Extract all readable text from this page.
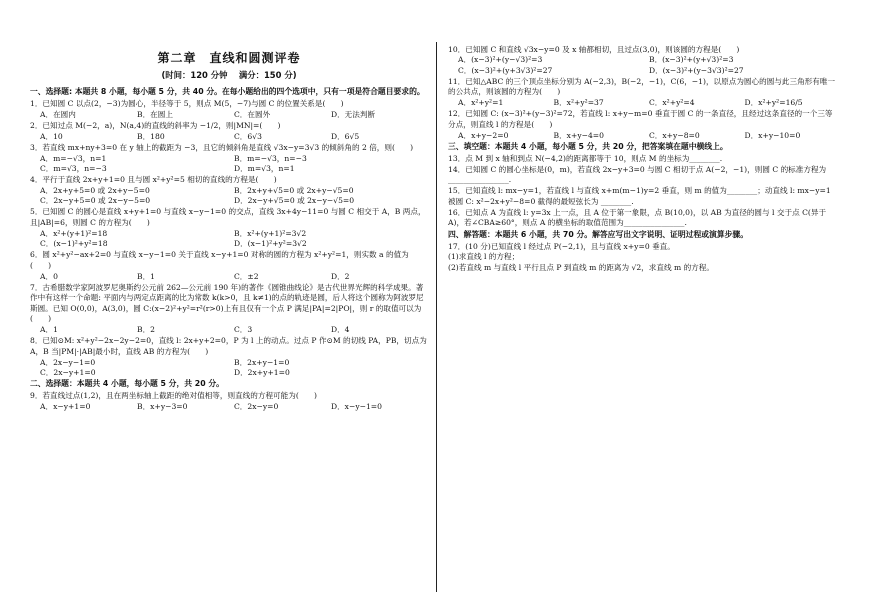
第二章　直线和圆测评卷
(时间：120 分钟　 满分：150 分)

一、选择题: 本题共 8 小题，每小题 5 分，共 40 分。在每小题给出的四个选项中，只有一项是符合题目要求的。

1．已知圆 C 以点(2，−3)为圆心，半径等于 5，则点 M(5，−7)与圆 C 的位置关系是(　　)

A．在圆内	B．在圆上	C．在圆外	D．无法判断

2．已知过点 M(−2，a)，N(a,4)的直线的斜率为 −1/2，则|MN|=(　　)

A．10	B．180	C．6√3	D．6√5

3．若直线 mx+ny+3=0 在 y 轴上的截距为 −3，且它的倾斜角是直线 √3x−y=3√3 的倾斜角的 2 倍，则(　　)

A．m=−√3，n=1	B．m=−√3，n=−3
C．m=√3，n=−3	D．m=√3，n=1

4．平行于直线 2x+y+1=0 且与圆 x²+y²=5 相切的直线的方程是(　　)

A．2x+y+5=0 或 2x+y−5=0	B．2x+y+√5=0 或 2x+y−√5=0
C．2x−y+5=0 或 2x−y−5=0	D．2x−y+√5=0 或 2x−y−√5=0

5．已知圆 C 的圆心是直线 x+y+1=0 与直线 x−y−1=0 的交点，直线 3x+4y−11=0 与圆 C 相交于 A，B 两点，且|AB|=6，则圆 C 的方程为(　　)

A．x²+(y+1)²=18	B．x²+(y+1)²=3√2
C．(x−1)²+y²=18	D．(x−1)²+y²=3√2

6．圆 x²+y²−ax+2=0 与直线 x−y−1=0 关于直线 x−y+1=0 对称的圆的方程为 x²+y²=1，则实数 a 的值为(　　)

A．0	B．1	C．±2	D．2

7．古希腊数学家阿波罗尼奥斯约公元前 262—公元前 190 年)的著作《圆锥曲线论》是古代世界光辉的科学成果。著作中有这样一个命题: 平面内与两定点距离的比为常数 k(k>0，且 k≠1)的点的轨迹是圆，后人将这个圆称为阿波罗尼斯圆。已知 O(0,0)，A(3,0)，圆 C:(x−2)²+y²=r²(r>0)上有且仅有一个点 P 满足|PA|=2|PO|，则 r 的取值可以为(　　)

A．1	B．2	C．3	D．4

8．已知⊙M: x²+y²−2x−2y−2=0，直线 l: 2x+y+2=0，P 为 l 上的动点。过点 P 作⊙M 的切线 PA，PB，切点为 A，B 当|PM|·|AB|最小时，直线 AB 的方程为(　　)

A．2x−y−1=0	B．2x+y−1=0
C．2x−y+1=0	D．2x+y+1=0

二、选择题：本题共 4 小题，每小题 5 分，共 20 分。

9．若直线过点(1,2)，且在两坐标轴上截距的绝对值相等，则直线的方程可能为(　　)

A．x−y+1=0	B．x+y−3=0	C．2x−y=0	D．x−y−1=0

10．已知圆 C 和直线 √3x−y=0 及 x 轴都相切，且过点(3,0)，则该圆的方程是(　　)

A．(x−3)²+(y−√3)²=3	B．(x−3)²+(y+√3)²=3
C．(x−3)²+(y+3√3)²=27	D．(x−3)²+(y−3√3)²=27

11．已知△ABC 的三个顶点坐标分别为 A(−2,3)，B(−2，−1)，C(6，−1)，以原点为圆心的圆与此三角形有唯一的公共点，则该圆的方程为(　　)

A．x²+y²=1	B．x²+y²=37	C．x²+y²=4	D．x²+y²=16/5

12．已知圆 C: (x−3)²+(y−3)²=72，若直线 l: x+y−m=0 垂直于圆 C 的一条直径，且经过这条直径的一个三等分点，则直线 l 的方程是(　　)

A．x+y−2=0	B．x+y−4=0	C．x+y−8=0	D．x+y−10=0

三、填空题：本题共 4 小题，每小题 5 分，共 20 分，把答案填在题中横线上。

13．点 M 到 x 轴和到点 N(−4,2)的距离都等于 10，则点 M 的坐标为________.

14．已知圆 C 的圆心坐标是(0，m)，若直线 2x−y+3=0 与圆 C 相切于点 A(−2，−1)，则圆 C 的标准方程为________________.

15．已知直线 l: mx−y=1，若直线 l 与直线 x+m(m−1)y=2 垂直，则 m 的值为________；动直线 l: mx−y=1 被圆 C: x²−2x+y²−8=0 截得的最短弦长为 ________.

16．已知点 A 为直线 l: y=3x 上一点，且 A 位于第一象限，点 B(10,0)，以 AB 为直径的圆与 l 交于点 C(异于 A)，若∠CBA≥60°，则点 A 的横坐标的取值范围为________________.

四、解答题：本题共 6 小题，共 70 分。解答应写出文字说明、证明过程或演算步骤。

17．(10 分)已知直线 l 经过点 P(−2,1)，且与直线 x+y=0 垂直。

(1)求直线 l 的方程；

(2)若直线 m 与直线 l 平行且点 P 到直线 m 的距离为 √2，求直线 m 的方程。
